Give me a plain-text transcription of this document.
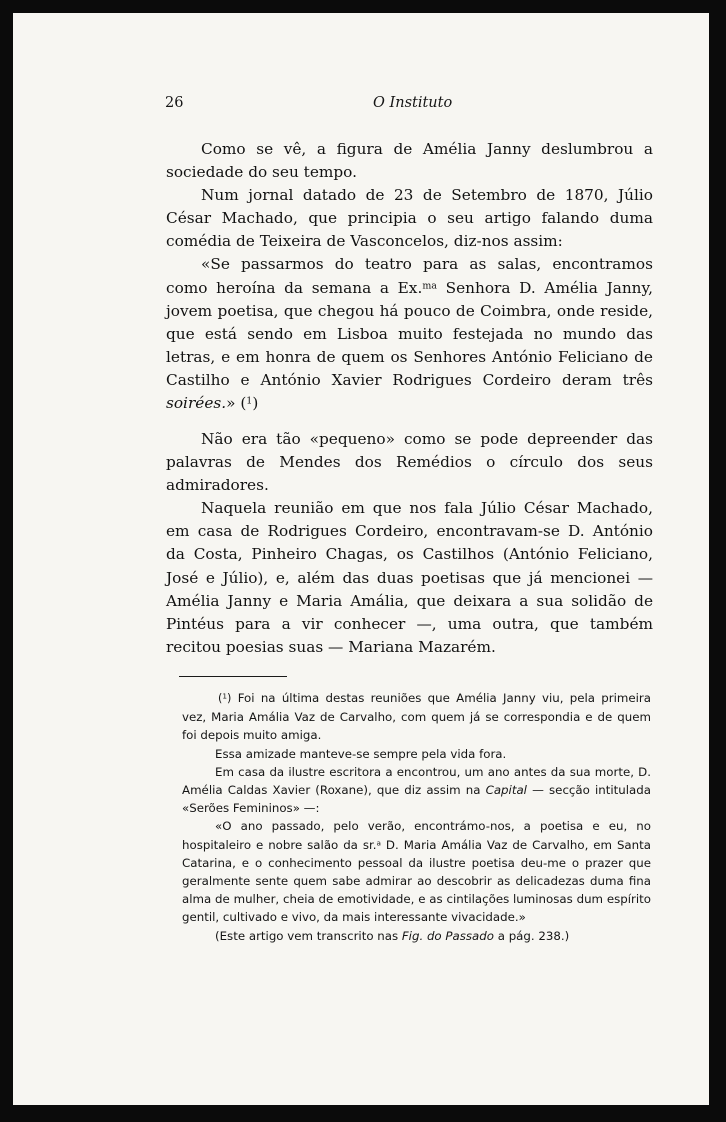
26	O Instituto

Como se vê, a figura de Amélia Janny deslumbrou a sociedade do seu tempo.

Num jornal datado de 23 de Setembro de 1870, Júlio César Machado, que principia o seu artigo falando duma comédia de Teixeira de Vasconcelos, diz-nos assim:

«Se passarmos do teatro para as salas, encontramos como heroína da semana a Ex.$^{ma}$ Senhora D. Amélia Janny, jovem poetisa, que chegou há pouco de Coimbra, onde reside, que está sendo em Lisboa muito festejada no mundo das letras, e em honra de quem os Senhores António Feliciano de Castilho e António Xavier Rodrigues Cordeiro deram três soirées.» ($^1$)

Não era tão «pequeno» como se pode depreender das palavras de Mendes dos Remédios o círculo dos seus admiradores.

Naquela reunião em que nos fala Júlio César Machado, em casa de Rodrigues Cordeiro, encontravam-se D. António da Costa, Pinheiro Chagas, os Castilhos (António Feliciano, José e Júlio), e, além das duas poetisas que já mencionei — Amélia Janny e Maria Amália, que deixara a sua solidão de Pintéus para a vir conhecer —, uma outra, que também recitou poesias suas — Mariana Mazarém.

($^1$) Foi na última destas reuniões que Amélia Janny viu, pela primeira vez, Maria Amália Vaz de Carvalho, com quem já se correspondia e de quem foi depois muito amiga.

Essa amizade manteve-se sempre pela vida fora.

Em casa da ilustre escritora a encontrou, um ano antes da sua morte, D. Amélia Caldas Xavier (Roxane), que diz assim na Capital — secção intitulada «Serões Femininos» —:

«O ano passado, pelo verão, encontrámo-nos, a poetisa e eu, no hospitaleiro e nobre salão da sr.$^a$ D. Maria Amália Vaz de Carvalho, em Santa Catarina, e o conhecimento pessoal da ilustre poetisa deu-me o prazer que geralmente sente quem sabe admirar ao descobrir as delicadezas duma fina alma de mulher, cheia de emotividade, e as cintilações luminosas dum espírito gentil, cultivado e vivo, da mais interessante vivacidade.»

(Este artigo vem transcrito nas Fig. do Passado a pág. 238.)
